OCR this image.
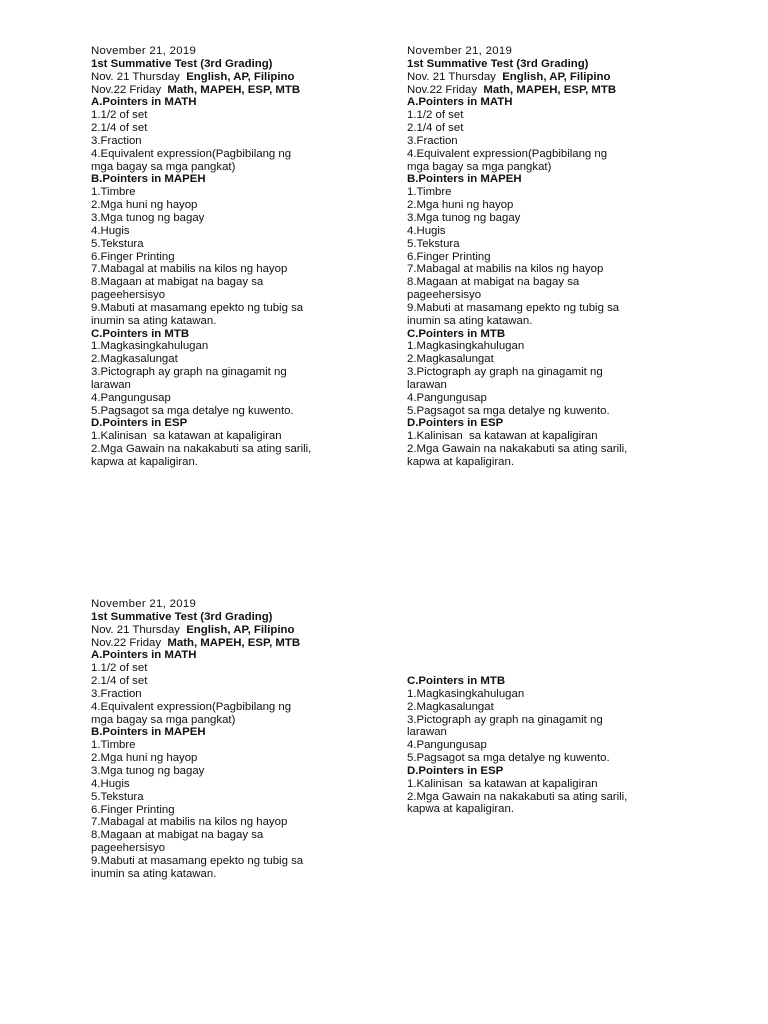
November 21, 2019

1st Summative Test (3rd Grading)

Nov. 21 Thursday  English, AP, Filipino

Nov.22 Friday  Math, MAPEH, ESP, MTB

A.Pointers in MATH

1.1/2 of set

2.1/4 of set

3.Fraction

4.Equivalent expression(Pagbibilang ng

mga bagay sa mga pangkat)

B.Pointers in MAPEH

1.Timbre

2.Mga huni ng hayop

3.Mga tunog ng bagay

4.Hugis

5.Tekstura

6.Finger Printing

7.Mabagal at mabilis na kilos ng hayop

8.Magaan at mabigat na bagay sa

pageehersisyo

9.Mabuti at masamang epekto ng tubig sa

inumin sa ating katawan.

C.Pointers in MTB

1.Magkasingkahulugan

2.Magkasalungat

3.Pictograph ay graph na ginagamit ng

larawan

4.Pangungusap

5.Pagsagot sa mga detalye ng kuwento.

D.Pointers in ESP

1.Kalinisan  sa katawan at kapaligiran

2.Mga Gawain na nakakabuti sa ating sarili,

kapwa at kapaligiran.

November 21, 2019

1st Summative Test (3rd Grading)

Nov. 21 Thursday  English, AP, Filipino

Nov.22 Friday  Math, MAPEH, ESP, MTB

A.Pointers in MATH

1.1/2 of set

2.1/4 of set

3.Fraction

4.Equivalent expression(Pagbibilang ng

mga bagay sa mga pangkat)

B.Pointers in MAPEH

1.Timbre

2.Mga huni ng hayop

3.Mga tunog ng bagay

4.Hugis

5.Tekstura

6.Finger Printing

7.Mabagal at mabilis na kilos ng hayop

8.Magaan at mabigat na bagay sa

pageehersisyo

9.Mabuti at masamang epekto ng tubig sa

inumin sa ating katawan.

C.Pointers in MTB

1.Magkasingkahulugan

2.Magkasalungat

3.Pictograph ay graph na ginagamit ng

larawan

4.Pangungusap

5.Pagsagot sa mga detalye ng kuwento.

D.Pointers in ESP

1.Kalinisan  sa katawan at kapaligiran

2.Mga Gawain na nakakabuti sa ating sarili,

kapwa at kapaligiran.

November 21, 2019

1st Summative Test (3rd Grading)

Nov. 21 Thursday  English, AP, Filipino

Nov.22 Friday  Math, MAPEH, ESP, MTB

A.Pointers in MATH

1.1/2 of set

2.1/4 of set

3.Fraction

4.Equivalent expression(Pagbibilang ng

mga bagay sa mga pangkat)

B.Pointers in MAPEH

1.Timbre

2.Mga huni ng hayop

3.Mga tunog ng bagay

4.Hugis

5.Tekstura

6.Finger Printing

7.Mabagal at mabilis na kilos ng hayop

8.Magaan at mabigat na bagay sa

pageehersisyo

9.Mabuti at masamang epekto ng tubig sa

inumin sa ating katawan.

C.Pointers in MTB

1.Magkasingkahulugan

2.Magkasalungat

3.Pictograph ay graph na ginagamit ng

larawan

4.Pangungusap

5.Pagsagot sa mga detalye ng kuwento.

D.Pointers in ESP

1.Kalinisan  sa katawan at kapaligiran

2.Mga Gawain na nakakabuti sa ating sarili,

kapwa at kapaligiran.
